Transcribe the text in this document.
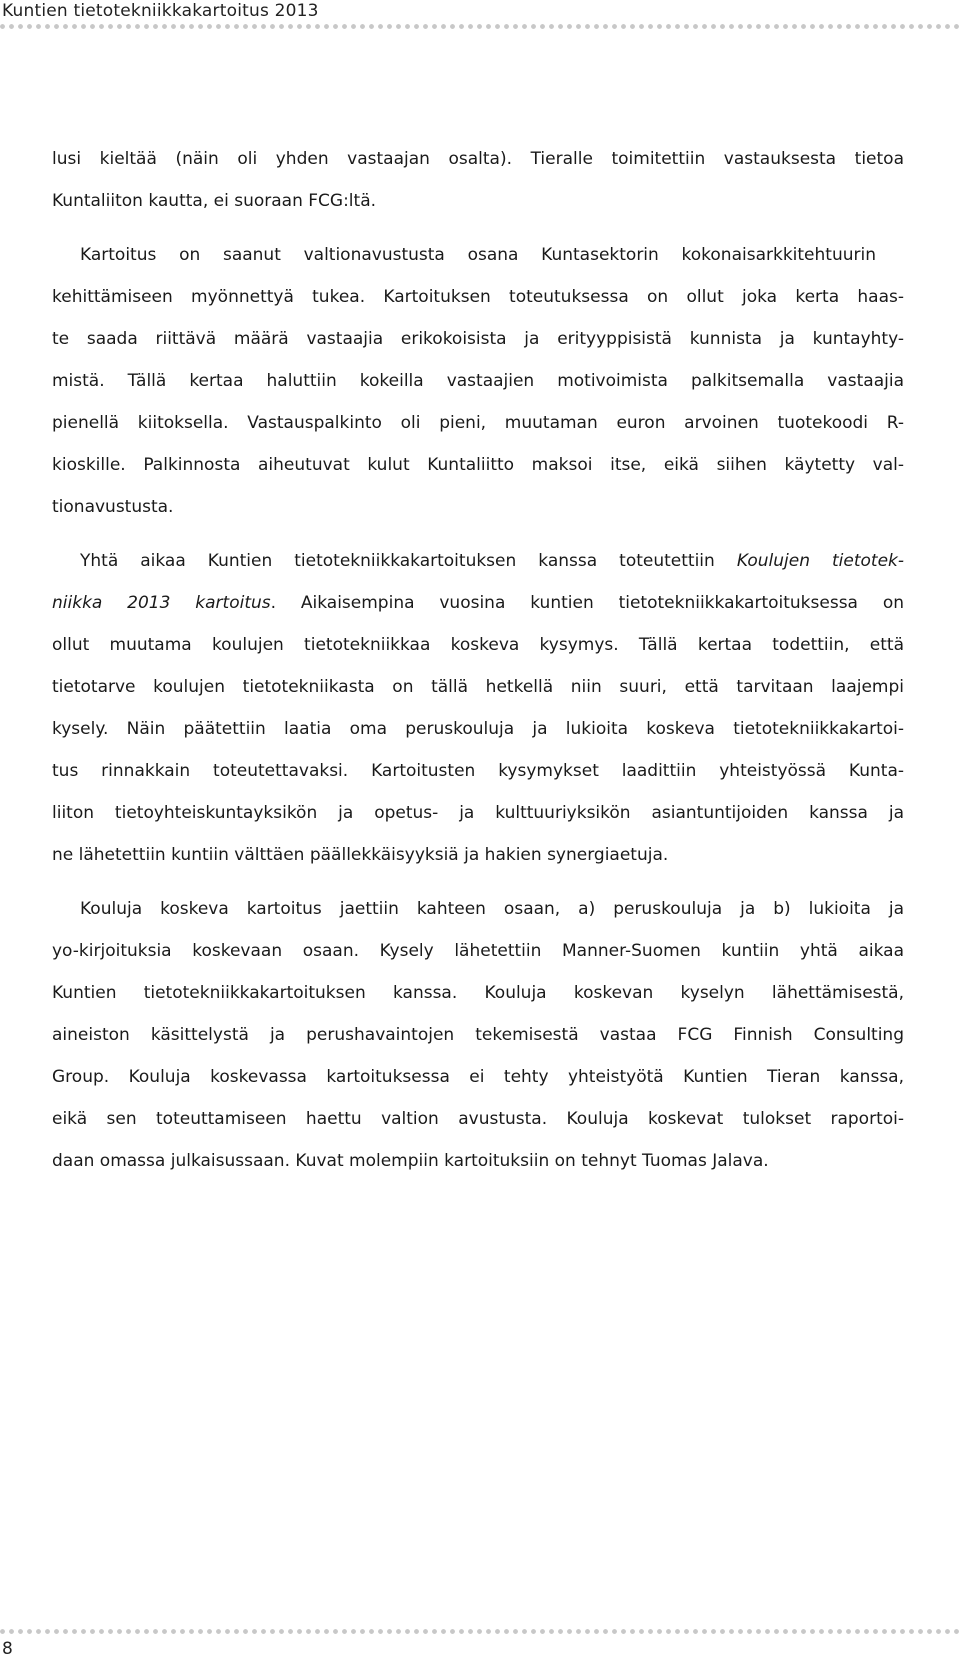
Kuntien tietotekniikkakartoitus 2013

lusi kieltää (näin oli yhden vastaajan osalta). Tieralle toimitettiin vastauksesta tietoa
Kuntaliiton kautta, ei suoraan FCG:ltä.

Kartoitus on saanut valtionavustusta osana Kuntasektorin kokonaisarkkitehtuurin
kehittämiseen myönnettyä tukea. Kartoituksen toteutuksessa on ollut joka kerta haas-
te saada riittävä määrä vastaajia erikokoisista ja erityyppisistä kunnista ja kuntayhty-
mistä. Tällä kertaa haluttiin kokeilla vastaajien motivoimista palkitsemalla vastaajia
pienellä kiitoksella. Vastauspalkinto oli pieni, muutaman euron arvoinen tuotekoodi R-
kioskille. Palkinnosta aiheutuvat kulut Kuntaliitto maksoi itse, eikä siihen käytetty val-
tionavustusta.

Yhtä aikaa Kuntien tietotekniikkakartoituksen kanssa toteutettiin Koulujen tietotek-
niikka 2013 kartoitus. Aikaisempina vuosina kuntien tietotekniikkakartoituksessa on
ollut muutama koulujen tietotekniikkaa koskeva kysymys. Tällä kertaa todettiin, että
tietotarve koulujen tietotekniikasta on tällä hetkellä niin suuri, että tarvitaan laajempi
kysely. Näin päätettiin laatia oma peruskouluja ja lukioita koskeva tietotekniikkakartoi-
tus rinnakkain toteutettavaksi. Kartoitusten kysymykset laadittiin yhteistyössä Kunta-
liiton tietoyhteiskuntayksikön ja opetus- ja kulttuuriyksikön asiantuntijoiden kanssa ja
ne lähetettiin kuntiin välttäen päällekkäisyyksiä ja hakien synergiaetuja.

Kouluja koskeva kartoitus jaettiin kahteen osaan, a) peruskouluja ja b) lukioita ja
yo-kirjoituksia koskevaan osaan. Kysely lähetettiin Manner-Suomen kuntiin yhtä aikaa
Kuntien tietotekniikkakartoituksen kanssa. Kouluja koskevan kyselyn lähettämisestä,
aineiston käsittelystä ja perushavaintojen tekemisestä vastaa FCG Finnish Consulting
Group. Kouluja koskevassa kartoituksessa ei tehty yhteistyötä Kuntien Tieran kanssa,
eikä sen toteuttamiseen haettu valtion avustusta. Kouluja koskevat tulokset raportoi-
daan omassa julkaisussaan. Kuvat molempiin kartoituksiin on tehnyt Tuomas Jalava.

8
